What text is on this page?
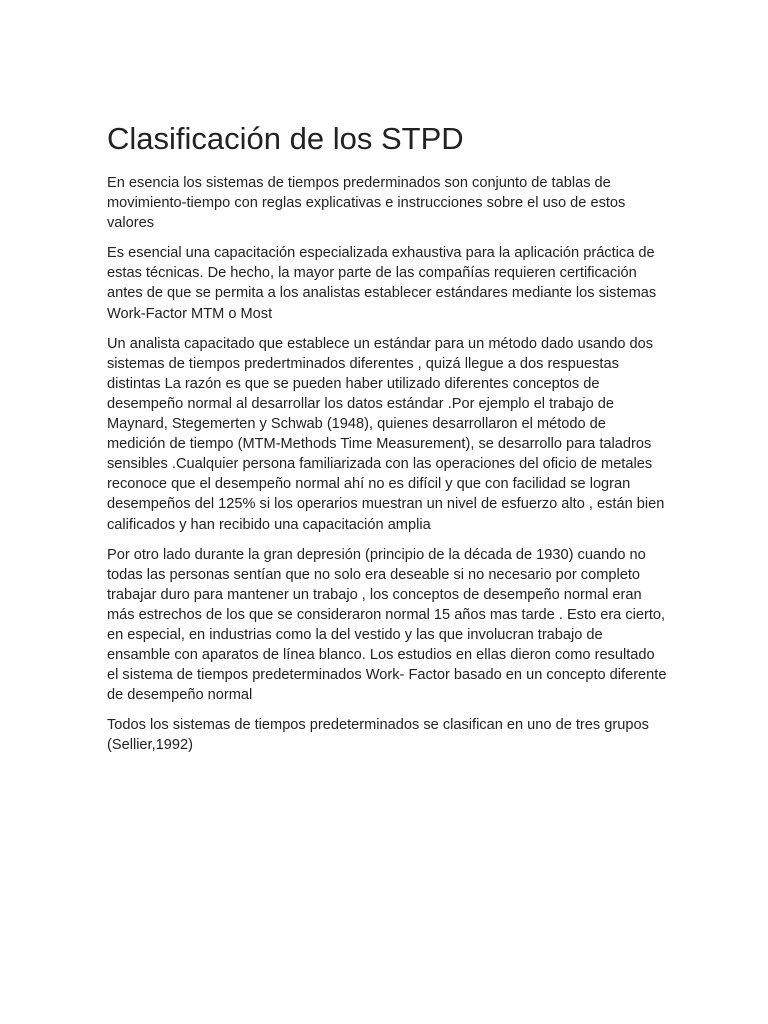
Clasificación de los STPD

En esencia los sistemas de tiempos prederminados son conjunto de tablas de movimiento-tiempo con reglas explicativas e instrucciones sobre el uso de estos valores

Es esencial una capacitación especializada exhaustiva para la aplicación práctica de estas técnicas. De hecho, la mayor parte de las compañías requieren certificación antes de que se permita a los analistas establecer estándares mediante los sistemas Work-Factor MTM o Most

Un analista capacitado que establece un estándar para un método dado usando dos sistemas de tiempos predertminados diferentes , quizá llegue a dos respuestas distintas La razón es que se pueden haber utilizado diferentes conceptos de desempeño normal al desarrollar los datos estándar .Por ejemplo el trabajo de Maynard, Stegemerten y Schwab (1948), quienes desarrollaron el método de medición de tiempo (MTM-Methods Time Measurement), se desarrollo para taladros sensibles .Cualquier persona familiarizada con las operaciones del oficio de metales reconoce que el desempeño normal ahí no es difícil y que con facilidad se logran desempeños del 125% si los operarios muestran un nivel de esfuerzo alto , están bien calificados y han recibido una capacitación amplia

Por otro lado durante la gran depresión (principio de la década de 1930) cuando no todas las personas sentían que no solo era deseable si no necesario por completo trabajar duro para mantener un trabajo , los conceptos de desempeño normal eran más estrechos de los que se consideraron normal 15 años mas tarde . Esto era cierto, en especial, en industrias como la del vestido y las que involucran trabajo de ensamble con aparatos de línea blanco. Los estudios en ellas dieron como resultado el sistema de tiempos predeterminados Work- Factor basado en un concepto diferente de desempeño normal

Todos los sistemas de tiempos predeterminados se clasifican en uno de tres grupos (Sellier,1992)
